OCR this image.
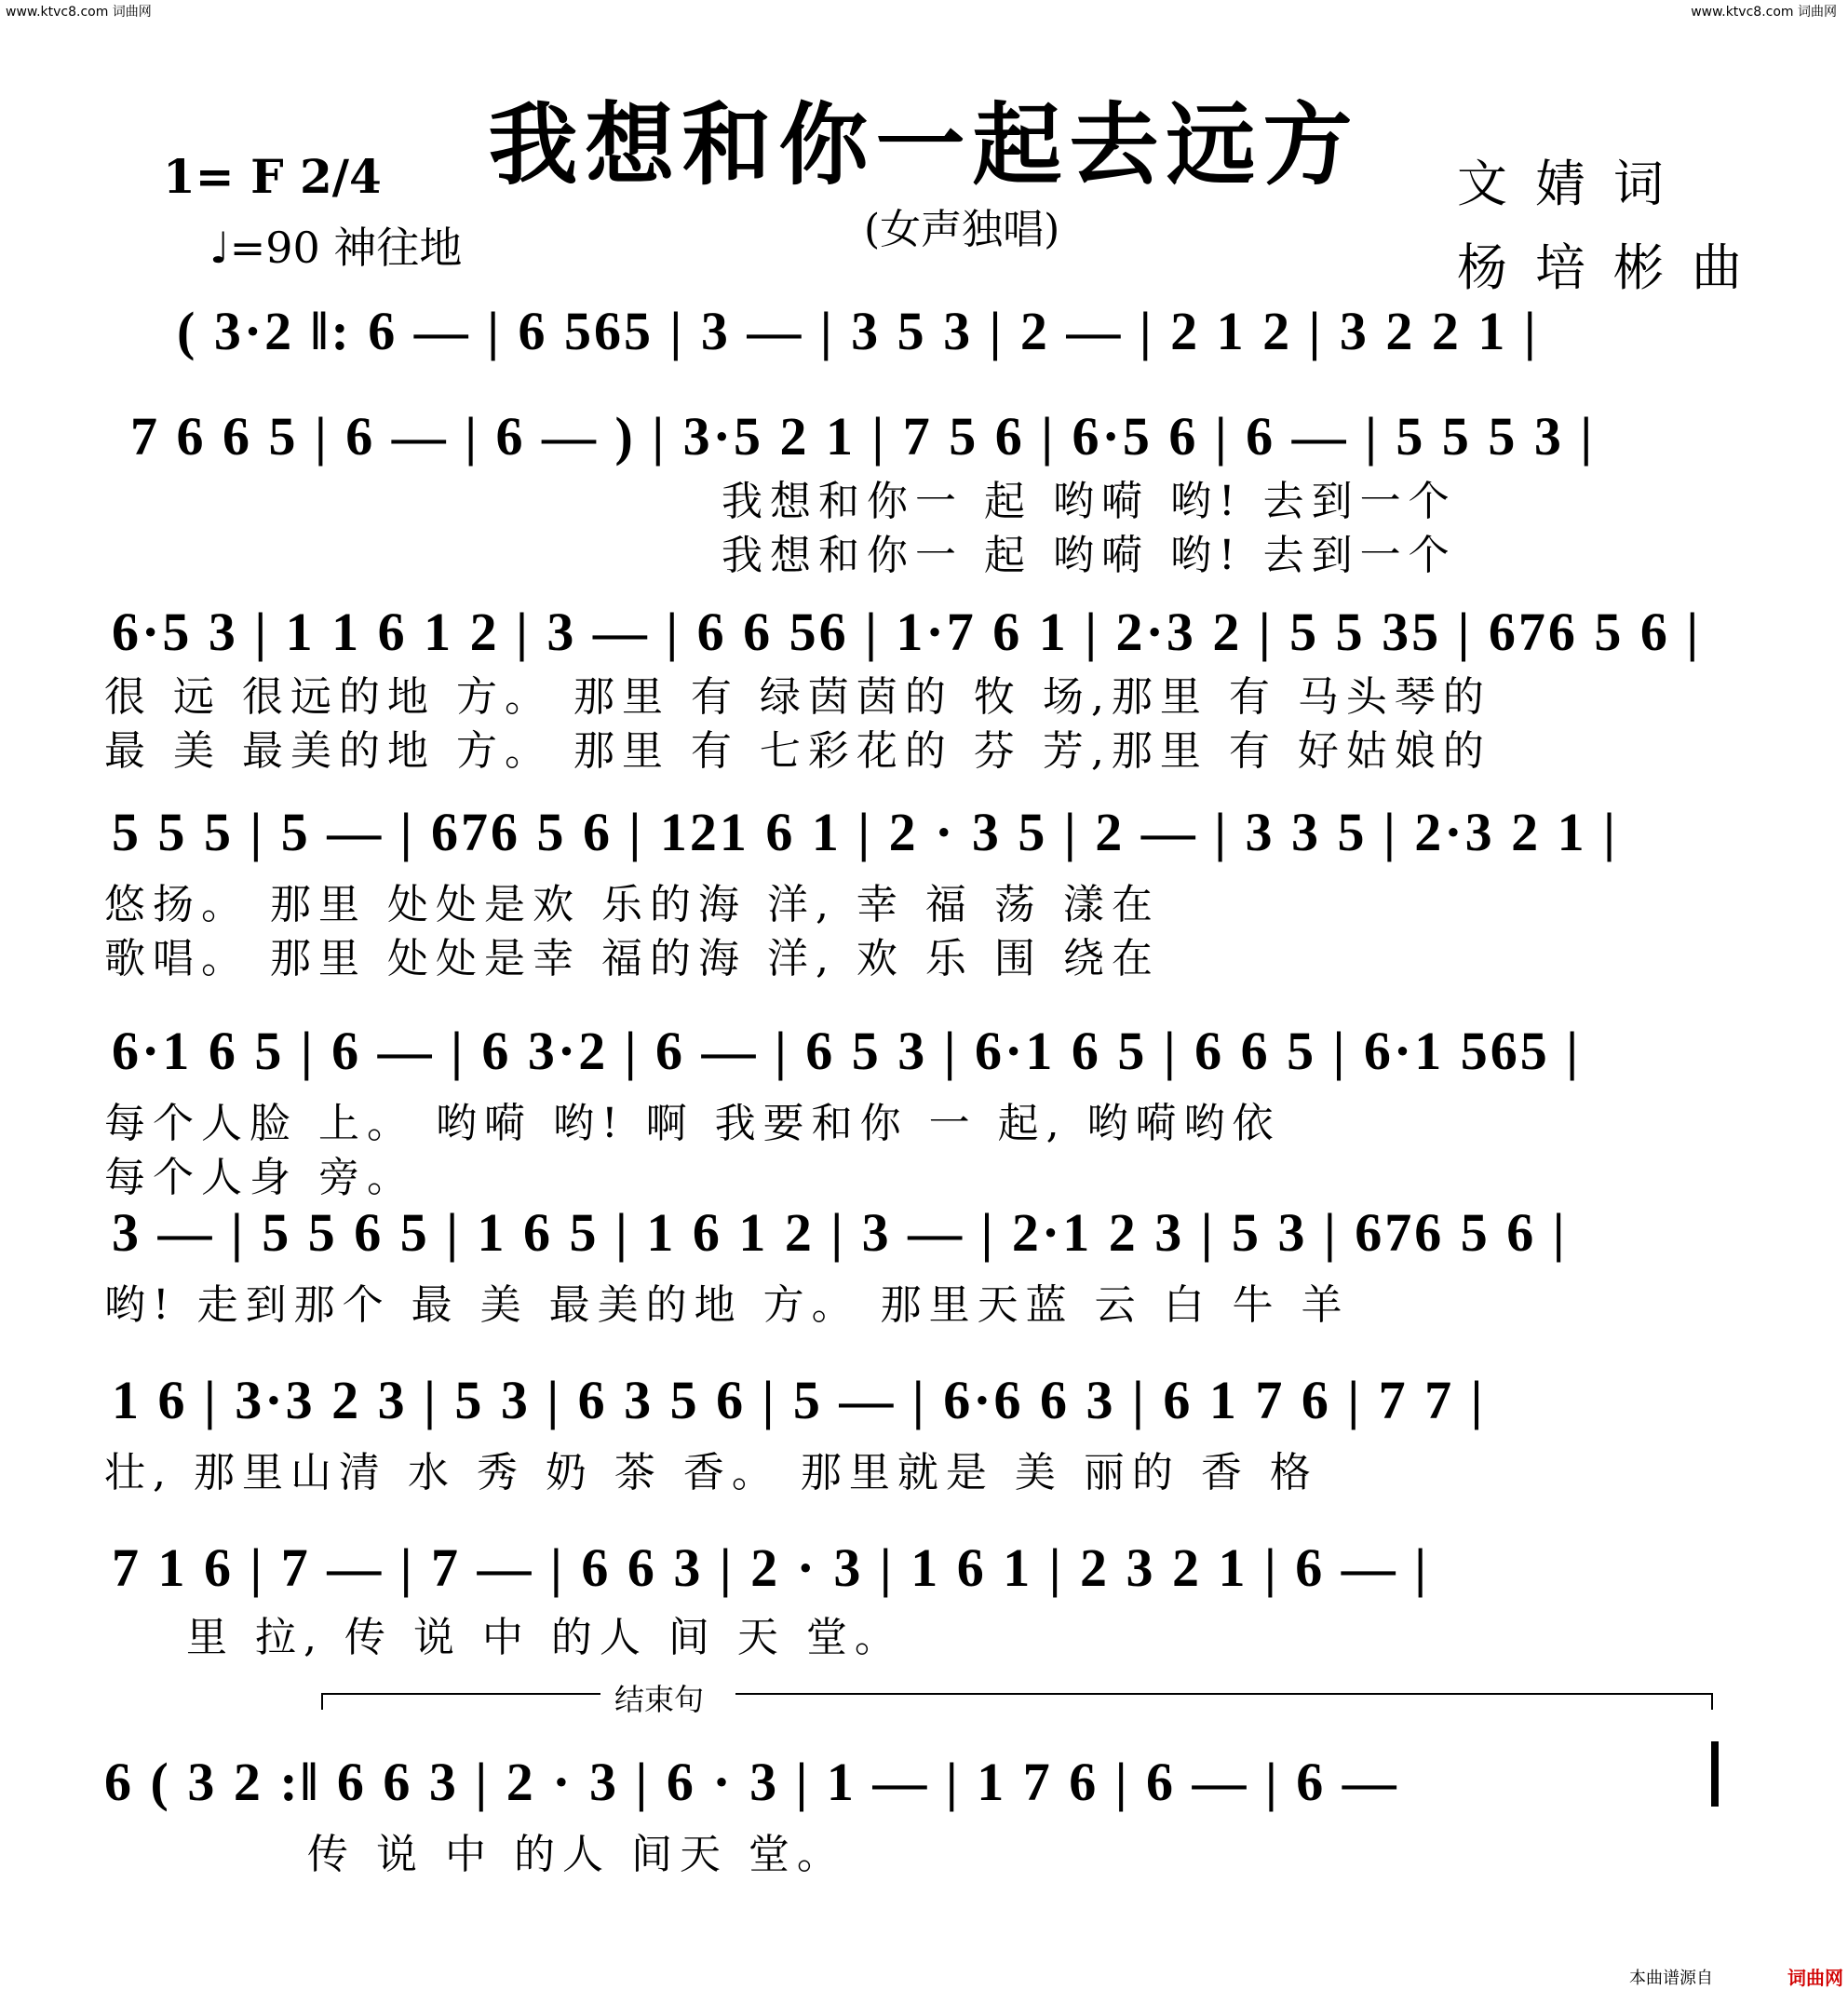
www.ktvc8.com 词曲网	www.ktvc8.com 词曲网
我想和你一起去远方
(女声独唱)
1= F 2/4
♩=90 神往地
文婧词
杨培彬曲
( 3·2 ‖: 6 — | 6 565 | 3 — | 3 5 3 | 2 — | 2 1 2 | 3 2 2 1 |
7 6 6 5 | 6 — | 6 — ) | 3·5 2 1 | 7 5 6 | 6·5 6 | 6 — | 5 5 5 3 |
我想和你一 起 哟嗬 哟! 去到一个
我想和你一 起 哟嗬 哟! 去到一个
6·5 3 | 1 1 6 1 2 | 3 — | 6 6 56 | 1·7 6 1 | 2·3 2 | 5 5 35 | 676 5 6 |
很 远 很远的地 方。 那里 有 绿茵茵的 牧 场,那里 有 马头琴的
最 美 最美的地 方。 那里 有 七彩花的 芬 芳,那里 有 好姑娘的
5 5 5 | 5 — | 676 5 6 | 121 6 1 | 2 · 3 5 | 2 — | 3 3 5 | 2·3 2 1 |
悠扬。 那里 处处是欢 乐的海 洋, 幸 福 荡 漾在
歌唱。 那里 处处是幸 福的海 洋, 欢 乐 围 绕在
6·1 6 5 | 6 — | 6 3·2 | 6 — | 6 5 3 | 6·1 6 5 | 6 6 5 | 6·1 565 |
每个人脸 上。 哟嗬 哟! 啊 我要和你 一 起, 哟嗬哟依
每个人身 旁。
3 — | 5 5 6 5 | 1 6 5 | 1 6 1 2 | 3 — | 2·1 2 3 | 5 3 | 676 5 6 |
哟! 走到那个 最 美 最美的地 方。 那里天蓝 云 白 牛 羊
1 6 | 3·3 2 3 | 5 3 | 6 3 5 6 | 5 — | 6·6 6 3 | 6 1 7 6 | 7 7 |
壮, 那里山清 水 秀 奶 茶 香。 那里就是 美 丽的 香 格
7 1 6 | 7 — | 7 — | 6 6 3 | 2 · 3 | 1 6 1 | 2 3 2 1 | 6 — |
里 拉, 传 说 中 的人 间 天 堂。
结束句
6 ( 3 2 :‖ 6 6 3 | 2 · 3 | 6 · 3 | 1 — | 1 7 6 | 6 — | 6 —
传 说 中 的人 间天 堂。
本曲谱源自	词曲网
